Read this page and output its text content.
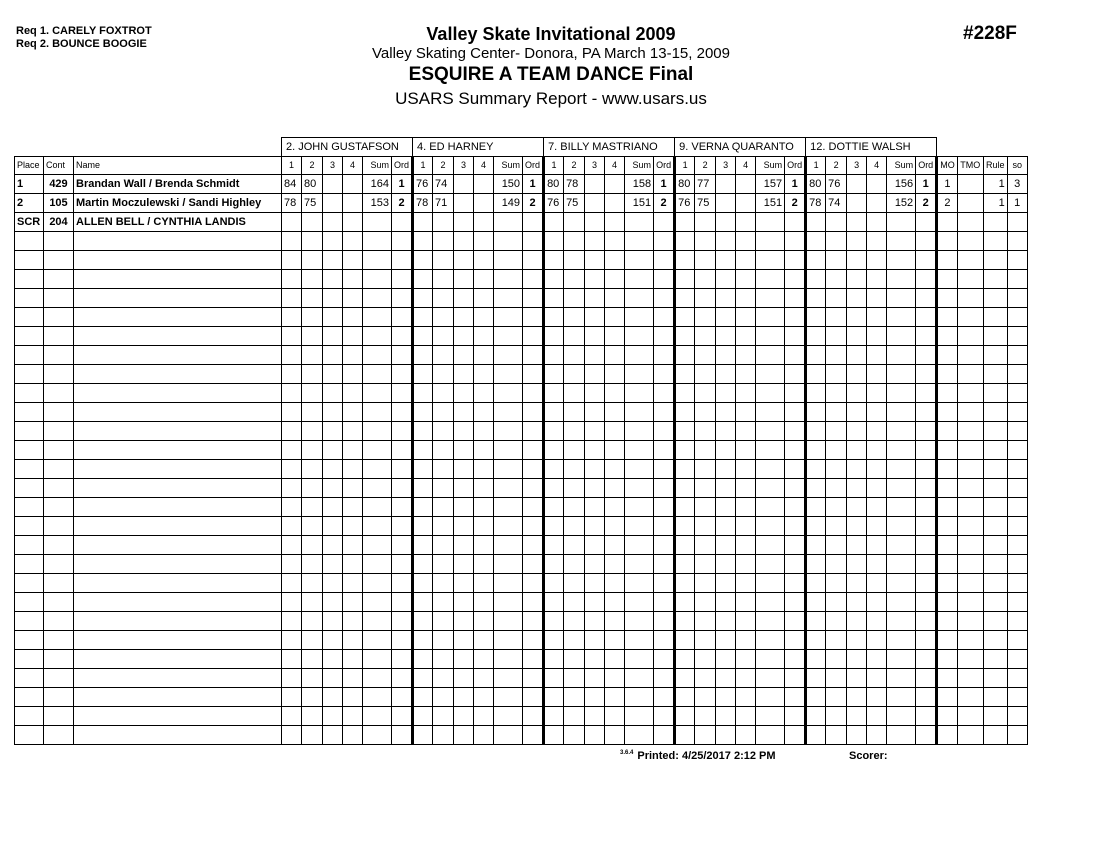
Req 1. CARELY FOXTROT
Req 2. BOUNCE BOOGIE	#228F
Valley Skate Invitational 2009
Valley Skating Center- Donora, PA March 13-15, 2009
ESQUIRE A TEAM DANCE Final
USARS Summary Report - www.usars.us
			2. JOHN GUSTAFSON						4. ED HARNEY						7. BILLY MASTRIANO						9. VERNA QUARANTO						12. DOTTIE WALSH									
Place	Cont	Name	1	2	3	4	Sum	Ord	1	2	3	4	Sum	Ord	1	2	3	4	Sum	Ord	1	2	3	4	Sum	Ord	1	2	3	4	Sum	Ord	MO	TMO	Rule	so
1	429	Brandan Wall / Brenda Schmidt	84	80			164	1	76	74			150	1	80	78			158	1	80	77			157	1	80	76			156	1	1		1	3
2	105	Martin Moczulewski / Sandi Highley	78	75			153	2	78	71			149	2	76	75			151	2	76	75			151	2	78	74			152	2	2		1	1
SCR	204	ALLEN BELL / CYNTHIA LANDIS																																		

$^{3.6.4}$ Printed: 4/25/2017 2:12 PM	Scorer:
